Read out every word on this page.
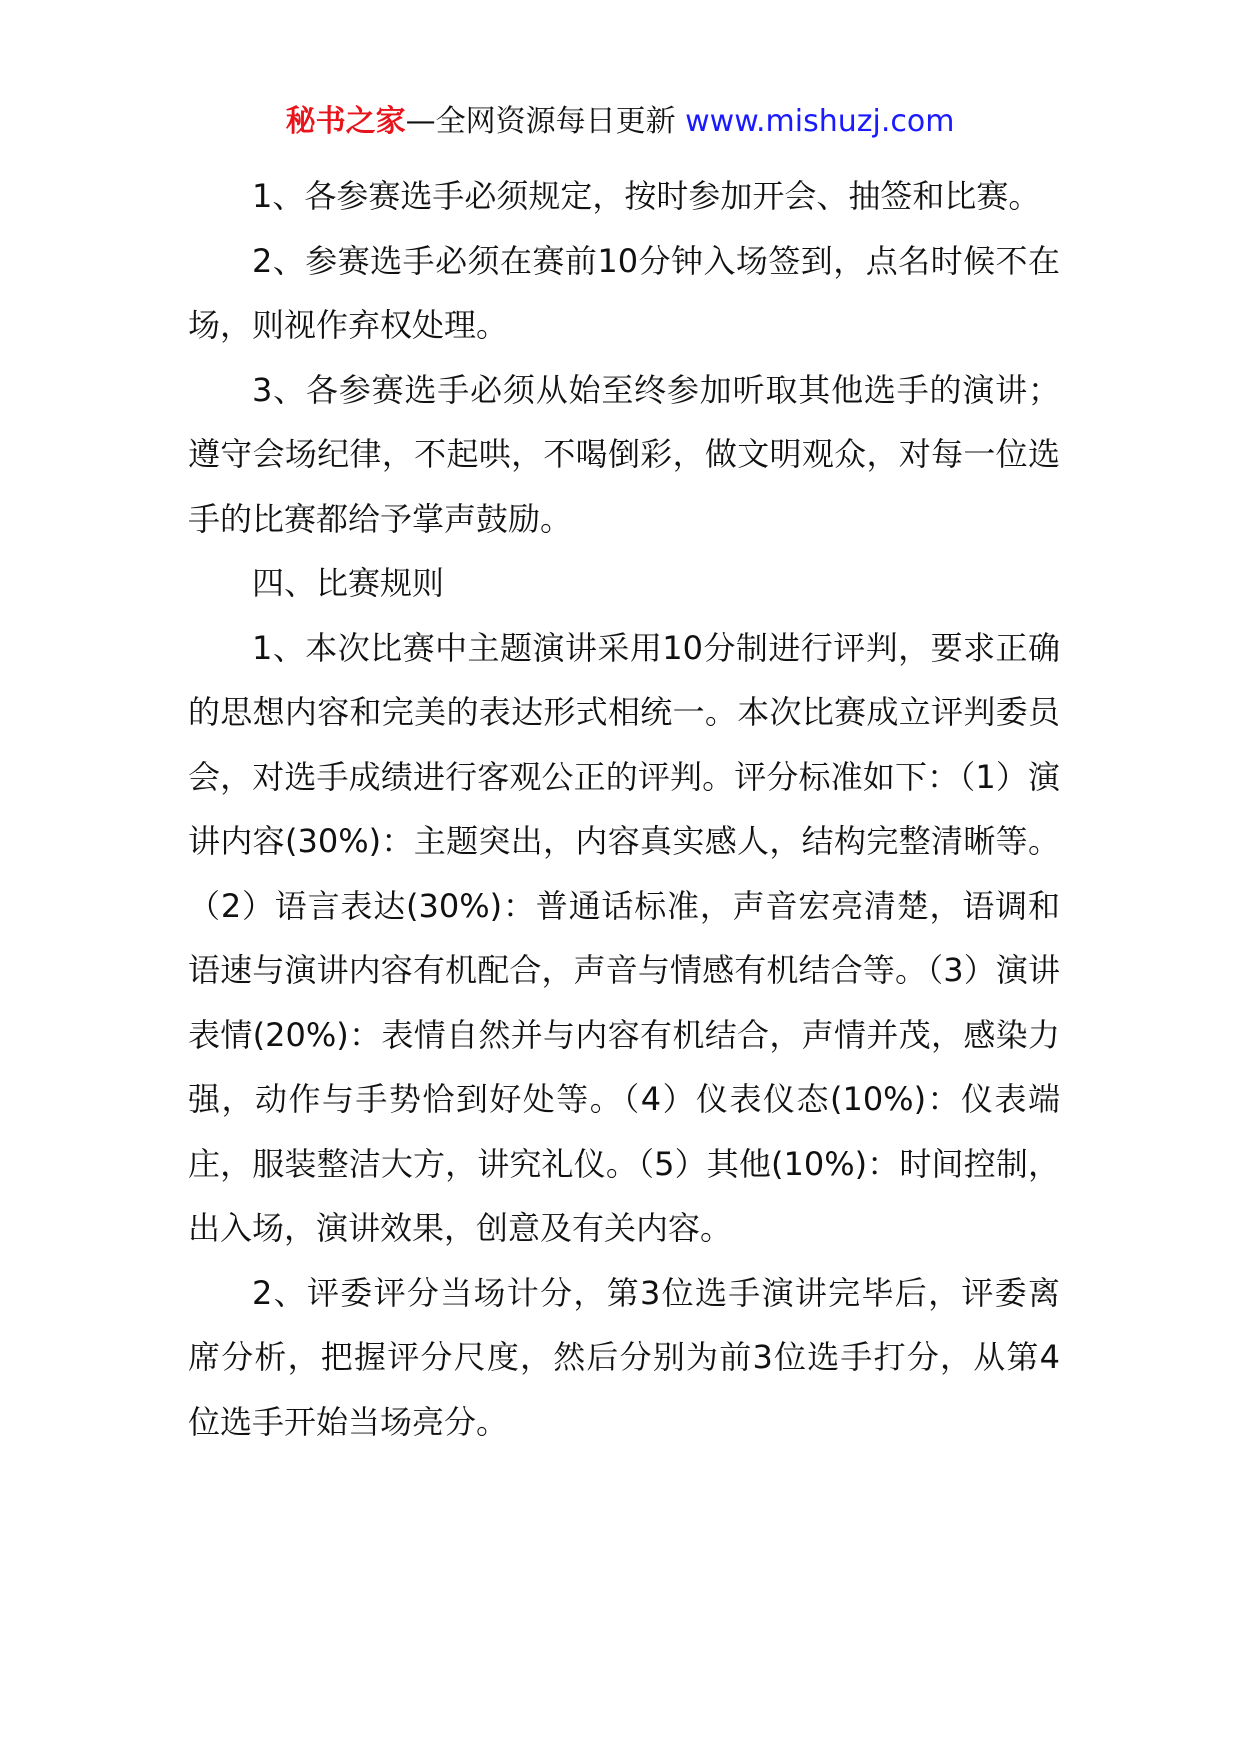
秘书之家—全网资源每日更新 www.mishuzj.com

1、各参赛选手必须规定，按时参加开会、抽签和比赛。

2、参赛选手必须在赛前10分钟入场签到，点名时候不在场，则视作弃权处理。

3、各参赛选手必须从始至终参加听取其他选手的演讲；遵守会场纪律，不起哄，不喝倒彩，做文明观众，对每一位选手的比赛都给予掌声鼓励。

四、比赛规则

1、本次比赛中主题演讲采用10分制进行评判，要求正确的思想内容和完美的表达形式相统一。本次比赛成立评判委员会，对选手成绩进行客观公正的评判。评分标准如下：（1）演讲内容(30%)：主题突出，内容真实感人，结构完整清晰等。（2）语言表达(30%)：普通话标准，声音宏亮清楚，语调和语速与演讲内容有机配合，声音与情感有机结合等。（3）演讲表情(20%)：表情自然并与内容有机结合，声情并茂，感染力强，动作与手势恰到好处等。（4）仪表仪态(10%)：仪表端庄，服装整洁大方，讲究礼仪。（5）其他(10%)：时间控制，出入场，演讲效果，创意及有关内容。

2、评委评分当场计分，第3位选手演讲完毕后，评委离席分析，把握评分尺度，然后分别为前3位选手打分，从第4位选手开始当场亮分。
